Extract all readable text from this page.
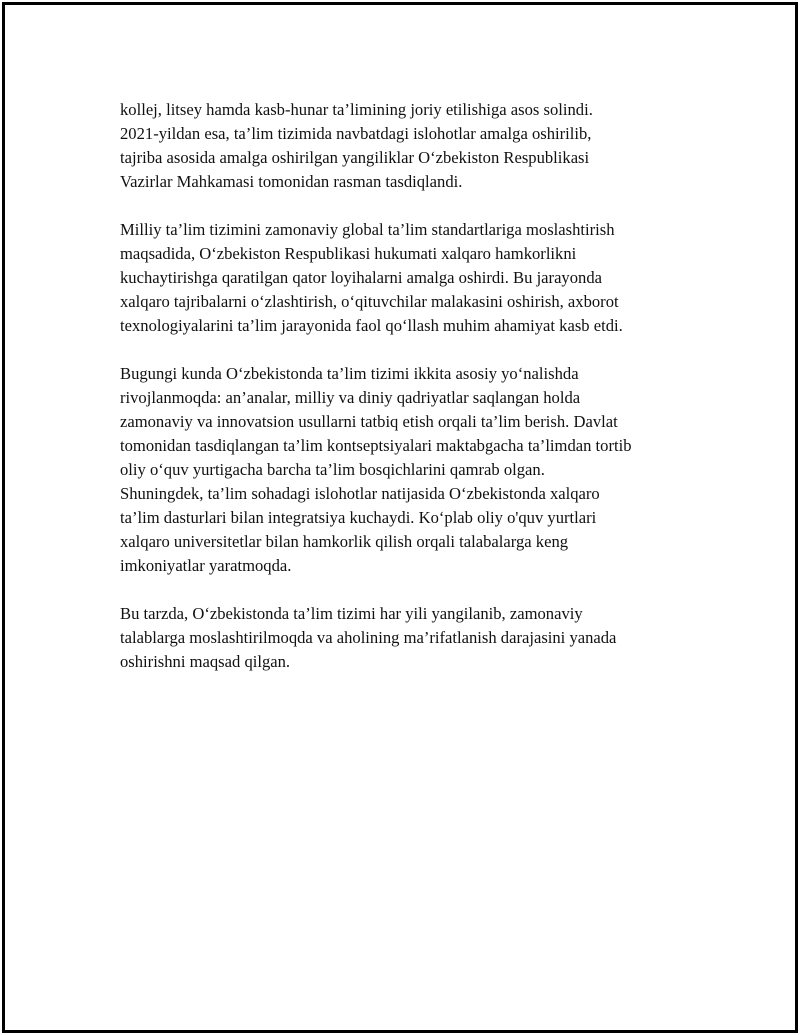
kollej, litsey hamda kasb-hunar ta’limining joriy etilishiga asos solindi.
2021-yildan esa, ta’lim tizimida navbatdagi islohotlar amalga oshirilib,
tajriba asosida amalga oshirilgan yangiliklar O‘zbekiston Respublikasi
Vazirlar Mahkamasi tomonidan rasman tasdiqlandi.

Milliy ta’lim tizimini zamonaviy global ta’lim standartlariga moslashtirish
maqsadida, O‘zbekiston Respublikasi hukumati xalqaro hamkorlikni
kuchaytirishga qaratilgan qator loyihalarni amalga oshirdi. Bu jarayonda
xalqaro tajribalarni o‘zlashtirish, o‘qituvchilar malakasini oshirish, axborot
texnologiyalarini ta’lim jarayonida faol qo‘llash muhim ahamiyat kasb etdi.

Bugungi kunda O‘zbekistonda ta’lim tizimi ikkita asosiy yo‘nalishda
rivojlanmoqda: an’analar, milliy va diniy qadriyatlar saqlangan holda
zamonaviy va innovatsion usullarni tatbiq etish orqali ta’lim berish. Davlat
tomonidan tasdiqlangan ta’lim kontseptsiyalari maktabgacha ta’limdan tortib
oliy o‘quv yurtigacha barcha ta’lim bosqichlarini qamrab olgan.
Shuningdek, ta’lim sohadagi islohotlar natijasida O‘zbekistonda xalqaro
ta’lim dasturlari bilan integratsiya kuchaydi. Ko‘plab oliy o'quv yurtlari
xalqaro universitetlar bilan hamkorlik qilish orqali talabalarga keng
imkoniyatlar yaratmoqda.

Bu tarzda, O‘zbekistonda ta’lim tizimi har yili yangilanib, zamonaviy
talablarga moslashtirilmoqda va aholining ma’rifatlanish darajasini yanada
oshirishni maqsad qilgan.
